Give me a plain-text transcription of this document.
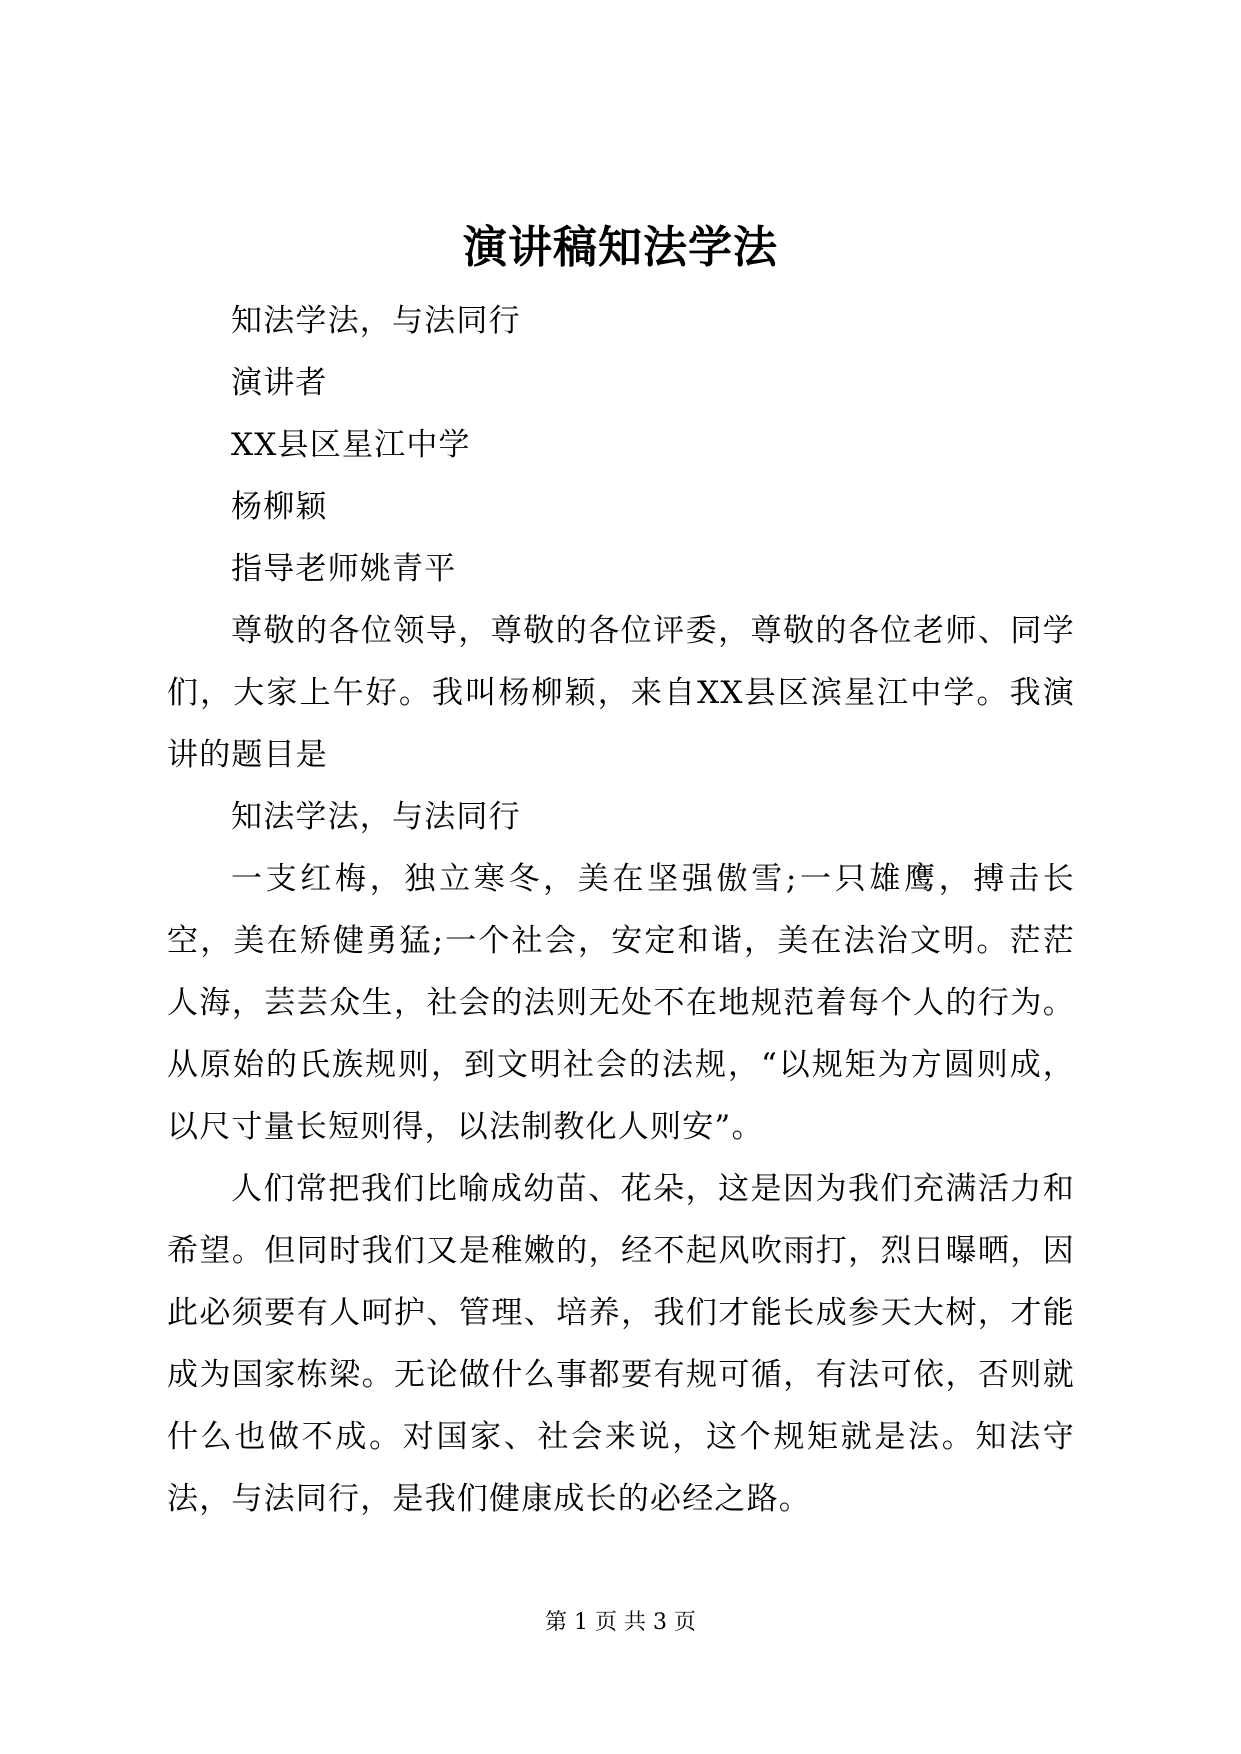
演讲稿知法学法

知法学法，与法同行

演讲者

XX县区星江中学

杨柳颖

指导老师姚青平

尊敬的各位领导，尊敬的各位评委，尊敬的各位老师、同学们，大家上午好。我叫杨柳颖，来自XX县区滨星江中学。我演讲的题目是

知法学法，与法同行

一支红梅，独立寒冬，美在坚强傲雪;一只雄鹰，搏击长空，美在矫健勇猛;一个社会，安定和谐，美在法治文明。茫茫人海，芸芸众生，社会的法则无处不在地规范着每个人的行为。从原始的氏族规则，到文明社会的法规，“以规矩为方圆则成，以尺寸量长短则得，以法制教化人则安”。

人们常把我们比喻成幼苗、花朵，这是因为我们充满活力和希望。但同时我们又是稚嫩的，经不起风吹雨打，烈日曝晒，因此必须要有人呵护、管理、培养，我们才能长成参天大树，才能成为国家栋梁。无论做什么事都要有规可循，有法可依，否则就什么也做不成。对国家、社会来说，这个规矩就是法。知法守法，与法同行，是我们健康成长的必经之路。

第 1 页 共 3 页
